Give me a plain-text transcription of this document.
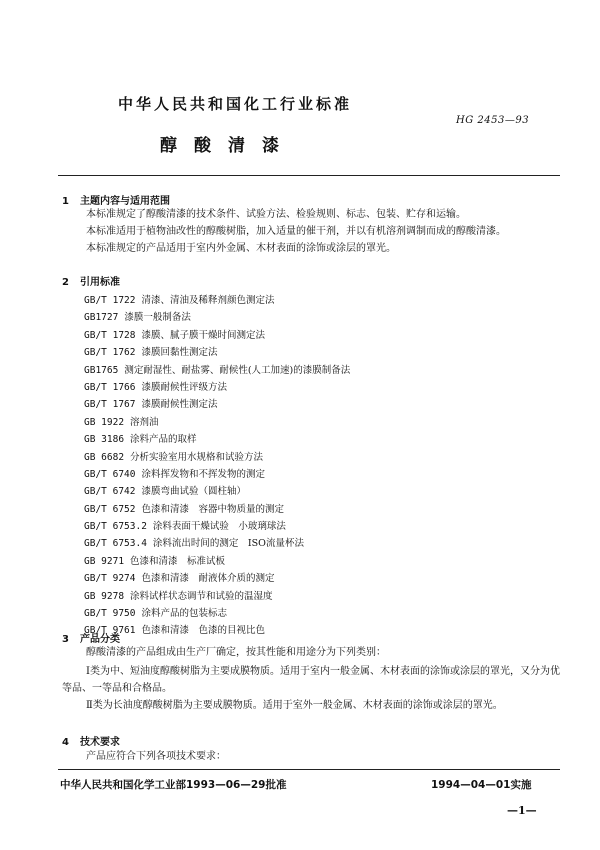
中华人民共和国化工行业标准
HG 2453—93
醇酸清漆
1 主题内容与适用范围
本标准规定了醇酸清漆的技术条件、试验方法、检验规则、标志、包装、贮存和运输。
本标准适用于植物油改性的醇酸树脂，加入适量的催干剂，并以有机溶剂调制而成的醇酸清漆。
本标准规定的产品适用于室内外金属、木材表面的涂饰或涂层的罩光。
2 引用标准
GB/T 1722 清漆、清油及稀释剂颜色测定法
GB1727 漆膜一般制备法
GB/T 1728 漆膜、腻子膜干燥时间测定法
GB/T 1762 漆膜回黏性测定法
GB1765 测定耐湿性、耐盐雾、耐候性(人工加速)的漆膜制备法
GB/T 1766 漆膜耐候性评级方法
GB/T 1767 漆膜耐候性测定法
GB 1922 溶剂油
GB 3186 涂料产品的取样
GB 6682 分析实验室用水规格和试验方法
GB/T 6740 涂料挥发物和不挥发物的测定
GB/T 6742 漆膜弯曲试验（圆柱轴）
GB/T 6752 色漆和清漆　容器中物质量的测定
GB/T 6753.2 涂料表面干燥试验　小玻璃球法
GB/T 6753.4 涂料流出时间的测定　ISO流量杯法
GB 9271 色漆和清漆　标准试板
GB/T 9274 色漆和清漆　耐液体介质的测定
GB 9278 涂料试样状态调节和试验的温湿度
GB/T 9750 涂料产品的包装标志
GB/T 9761 色漆和清漆　色漆的目视比色
3 产品分类
醇酸清漆的产品组成由生产厂确定，按其性能和用途分为下列类别：
Ⅰ类为中、短油度醇酸树脂为主要成膜物质。适用于室内一般金属、木材表面的涂饰或涂层的罩光，又分为优等品、一等品和合格品。
Ⅱ类为长油度醇酸树脂为主要成膜物质。适用于室外一般金属、木材表面的涂饰或涂层的罩光。
4 技术要求
产品应符合下列各项技术要求：
中华人民共和国化学工业部1993—06—29批准	1994—04—01实施
—1—
